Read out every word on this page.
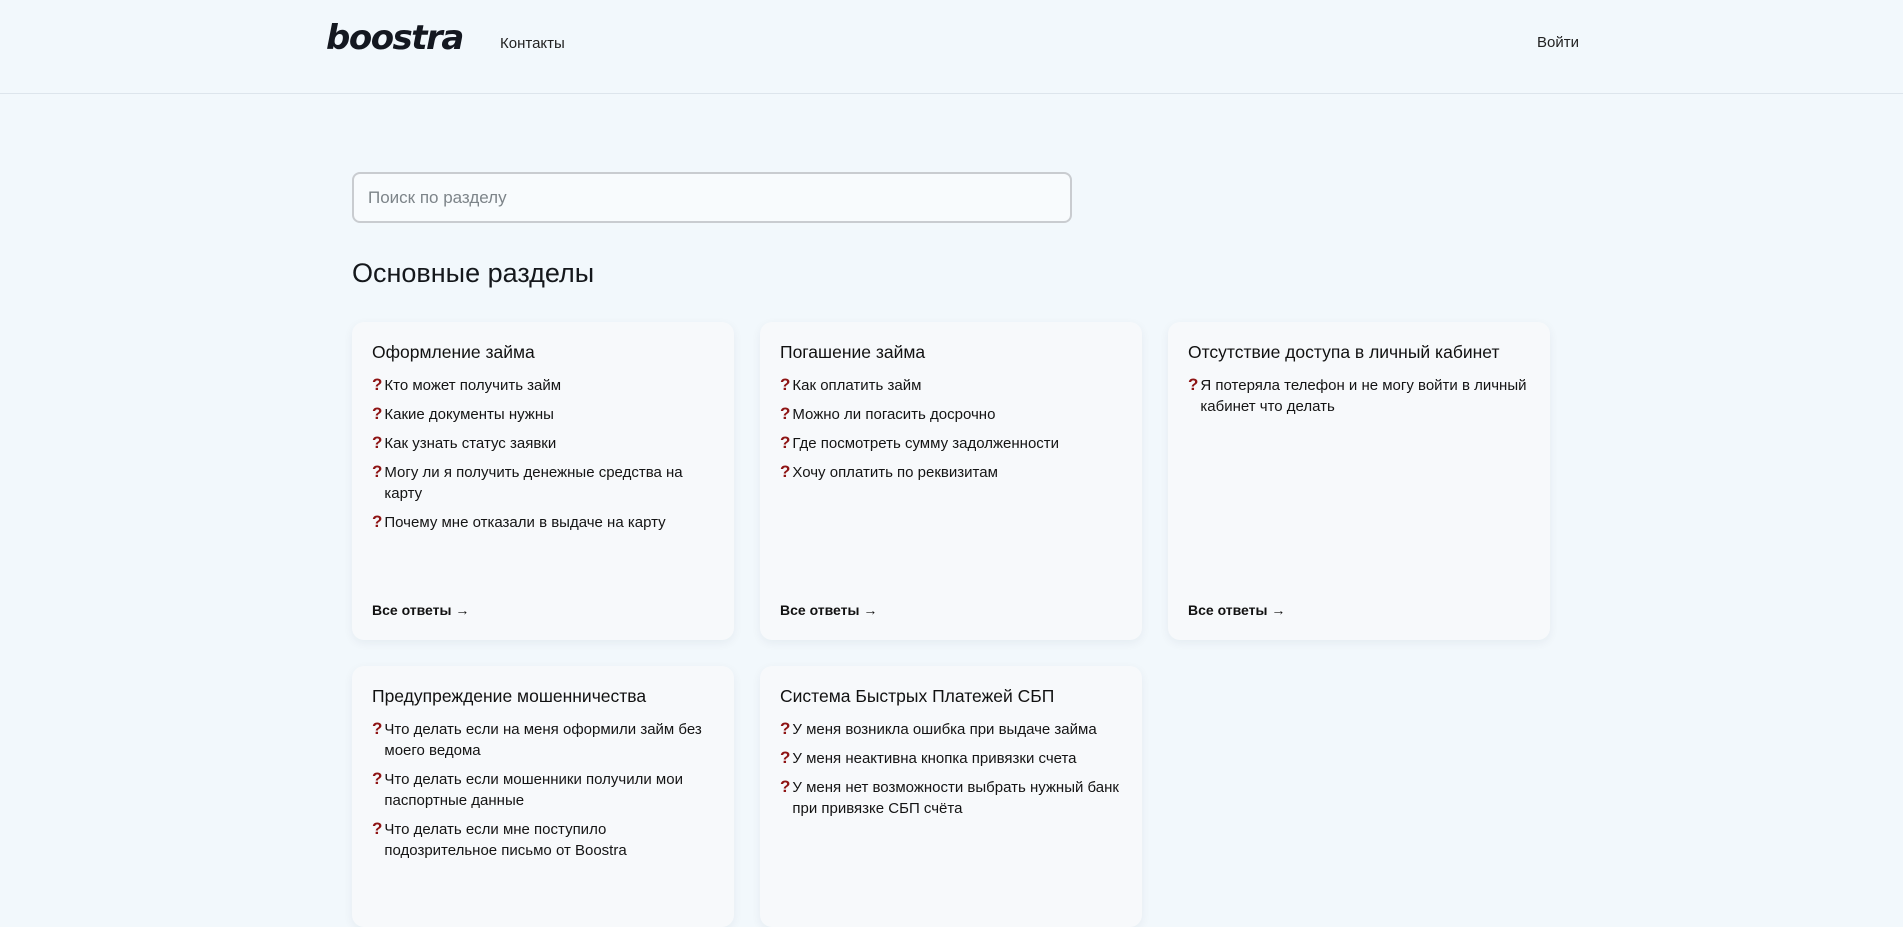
boostra Контакты	Войти
Поиск по разделу
Основные разделы
Оформление займа
? Кто может получить займ
? Какие документы нужны
? Как узнать статус заявки
? Могу ли я получить денежные средства на карту
? Почему мне отказали в выдаче на карту
Все ответы →
Погашение займа
? Как оплатить займ
? Можно ли погасить досрочно
? Где посмотреть сумму задолженности
? Хочу оплатить по реквизитам
Все ответы →
Отсутствие доступа в личный кабинет
? Я потеряла телефон и не могу войти в личный кабинет что делать
Все ответы →
Предупреждение мошенничества
? Что делать если на меня оформили займ без моего ведома
? Что делать если мошенники получили мои паспортные данные
? Что делать если мне поступило подозрительное письмо от Boostra
Система Быстрых Платежей СБП
? У меня возникла ошибка при выдаче займа
? У меня неактивна кнопка привязки счета
? У меня нет возможности выбрать нужный банк при привязке СБП счёта
